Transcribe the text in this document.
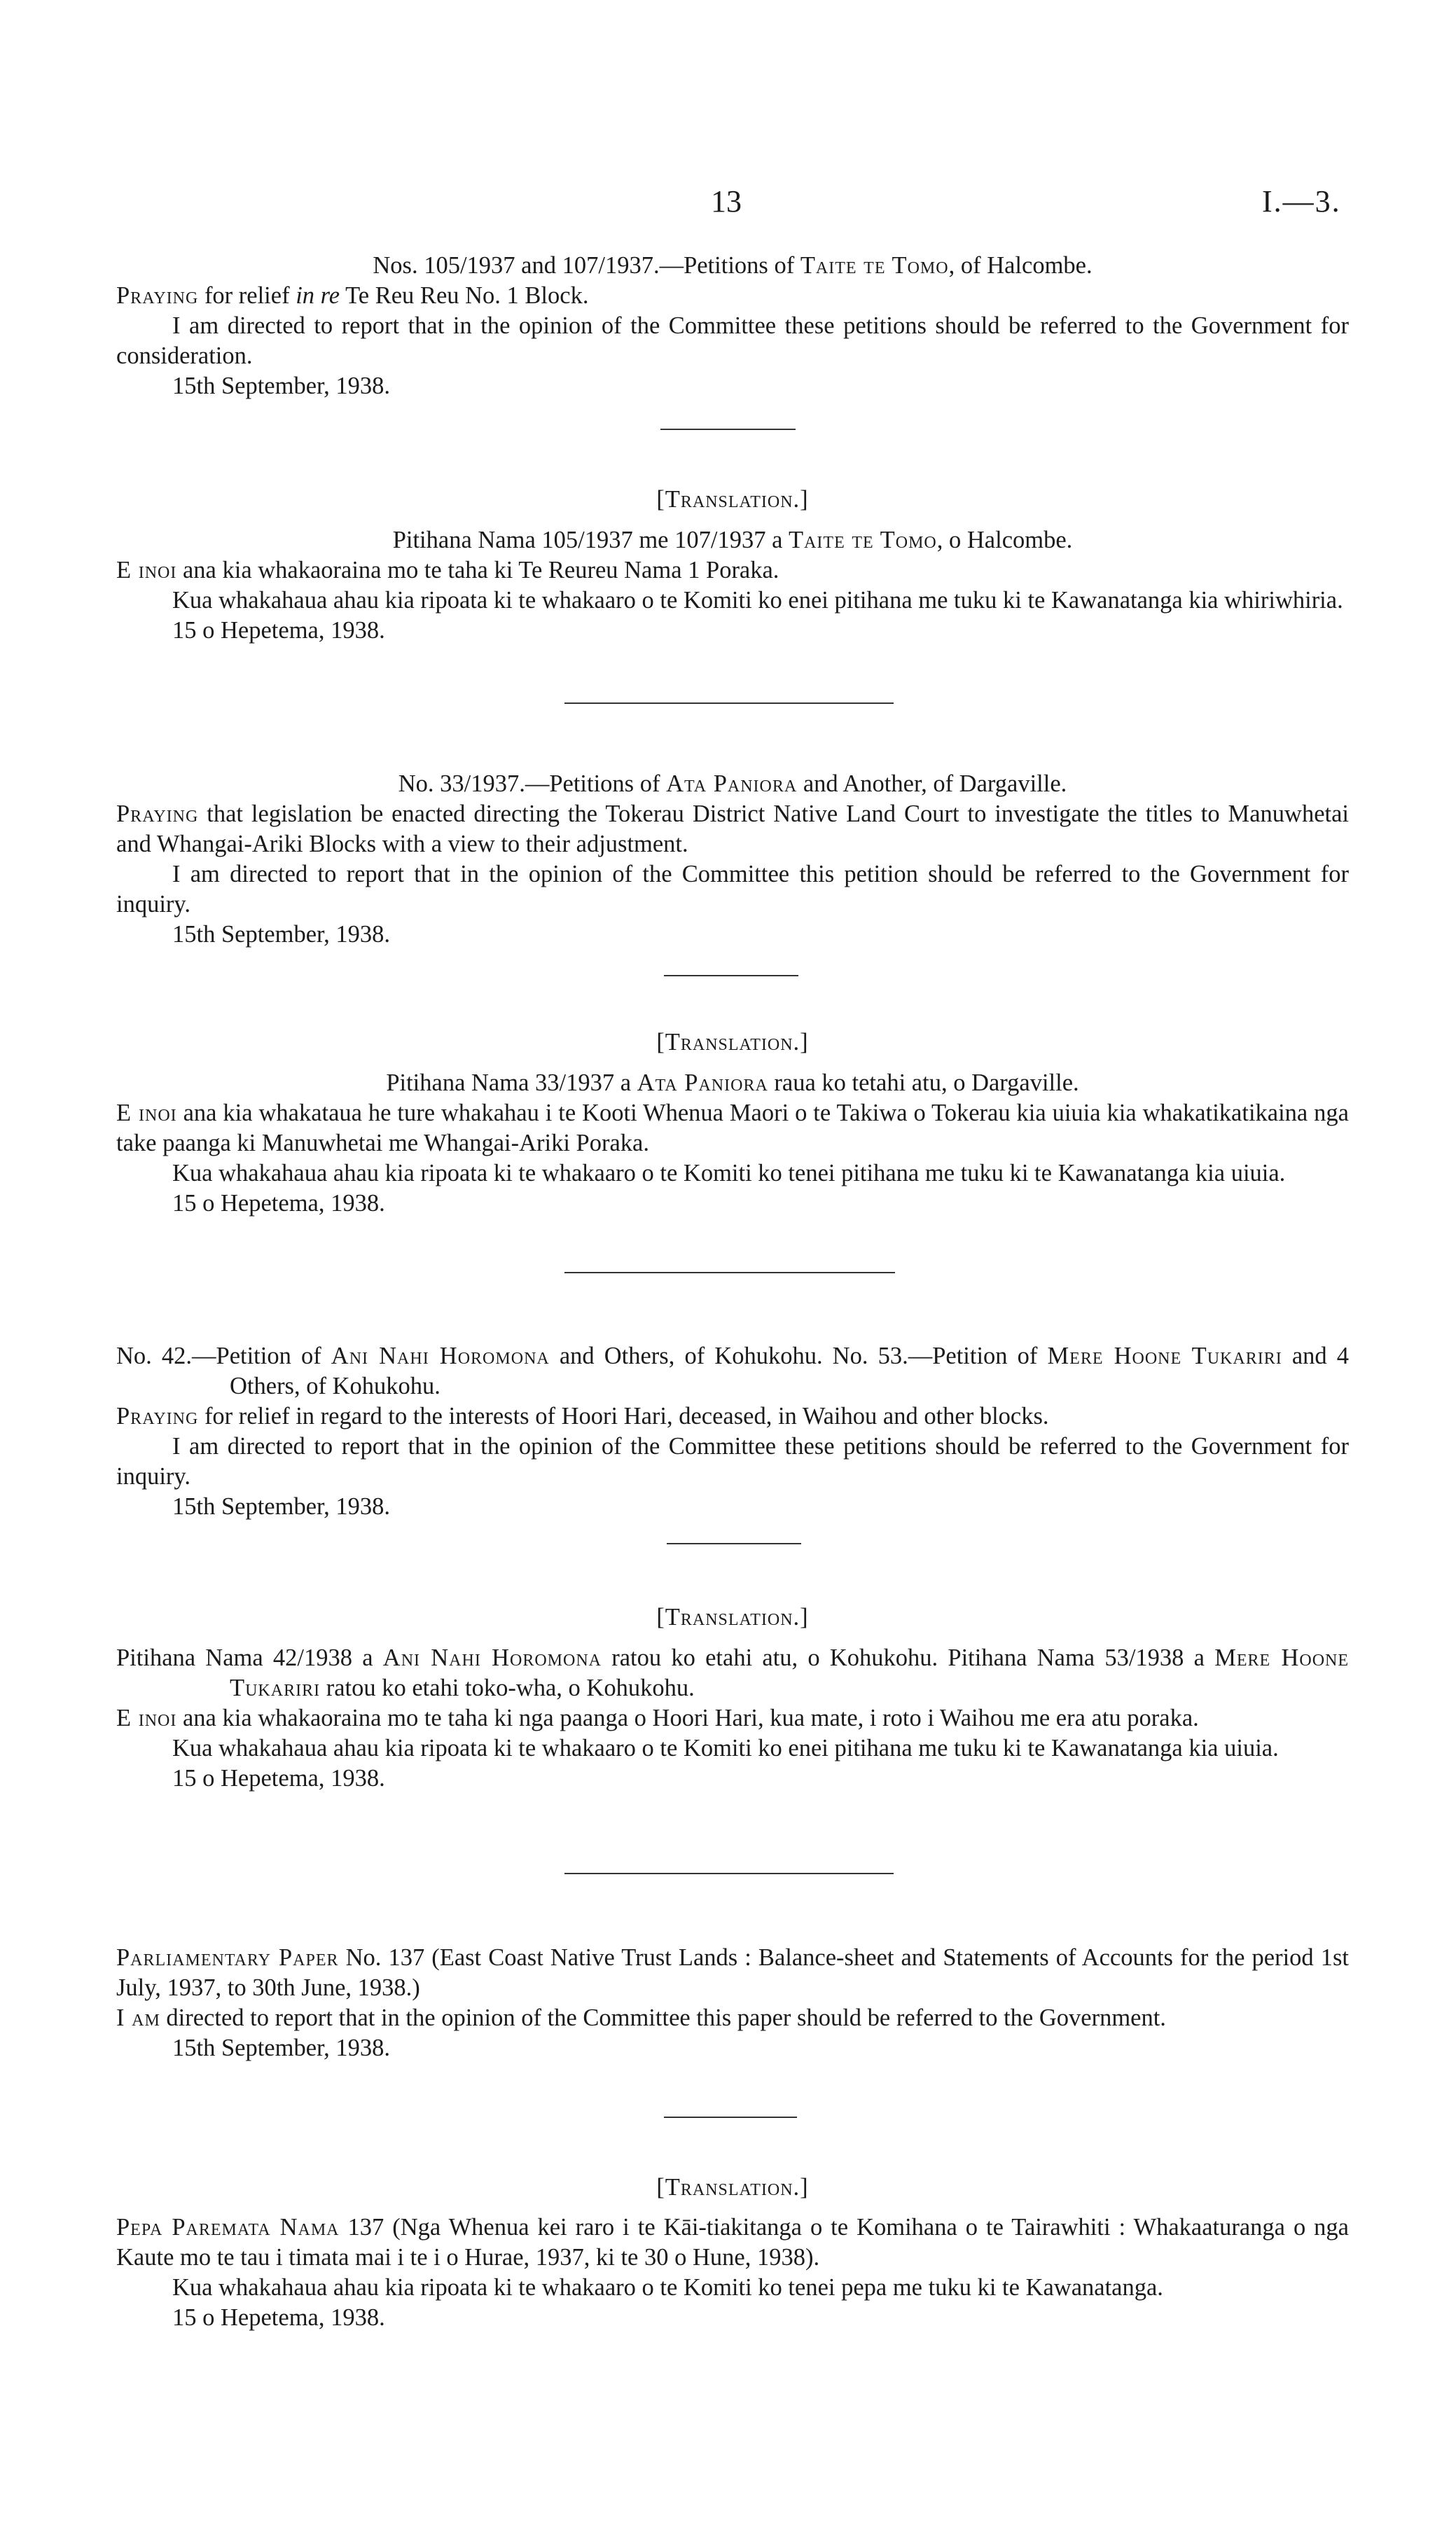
13	I.—3.

Nos. 105/1937 and 107/1937.—Petitions of Taite te Tomo, of Halcombe.

Praying for relief in re Te Reu Reu No. 1 Block.

I am directed to report that in the opinion of the Committee these petitions should be referred to the Government for consideration.

15th September, 1938.

[Translation.]

Pitihana Nama 105/1937 me 107/1937 a Taite te Tomo, o Halcombe.

E inoi ana kia whakaoraina mo te taha ki Te Reureu Nama 1 Poraka.

Kua whakahaua ahau kia ripoata ki te whakaaro o te Komiti ko enei pitihana me tuku ki te Kawanatanga kia whiriwhiria.

15 o Hepetema, 1938.

No. 33/1937.—Petitions of Ata Paniora and Another, of Dargaville.

Praying that legislation be enacted directing the Tokerau District Native Land Court to investigate the titles to Manuwhetai and Whangai-Ariki Blocks with a view to their adjustment.

I am directed to report that in the opinion of the Committee this petition should be referred to the Government for inquiry.

15th September, 1938.

[Translation.]

Pitihana Nama 33/1937 a Ata Paniora raua ko tetahi atu, o Dargaville.

E inoi ana kia whakataua he ture whakahau i te Kooti Whenua Maori o te Takiwa o Tokerau kia uiuia kia whakatikatikaina nga take paanga ki Manuwhetai me Whangai-Ariki Poraka.

Kua whakahaua ahau kia ripoata ki te whakaaro o te Komiti ko tenei pitihana me tuku ki te Kawanatanga kia uiuia.

15 o Hepetema, 1938.

No. 42.—Petition of Ani Nahi Horomona and Others, of Kohukohu. No. 53.—Petition of Mere Hoone Tukariri and 4 Others, of Kohukohu.

Praying for relief in regard to the interests of Hoori Hari, deceased, in Waihou and other blocks.

I am directed to report that in the opinion of the Committee these petitions should be referred to the Government for inquiry.

15th September, 1938.

[Translation.]

Pitihana Nama 42/1938 a Ani Nahi Horomona ratou ko etahi atu, o Kohukohu. Pitihana Nama 53/1938 a Mere Hoone Tukariri ratou ko etahi toko-wha, o Kohukohu.

E inoi ana kia whakaoraina mo te taha ki nga paanga o Hoori Hari, kua mate, i roto i Waihou me era atu poraka.

Kua whakahaua ahau kia ripoata ki te whakaaro o te Komiti ko enei pitihana me tuku ki te Kawanatanga kia uiuia.

15 o Hepetema, 1938.

Parliamentary Paper No. 137 (East Coast Native Trust Lands : Balance-sheet and Statements of Accounts for the period 1st July, 1937, to 30th June, 1938.)

I am directed to report that in the opinion of the Committee this paper should be referred to the Government.

15th September, 1938.

[Translation.]

Pepa Paremata Nama 137 (Nga Whenua kei raro i te Kāi-tiakitanga o te Komihana o te Tairawhiti : Whakaaturanga o nga Kaute mo te tau i timata mai i te i o Hurae, 1937, ki te 30 o Hune, 1938).

Kua whakahaua ahau kia ripoata ki te whakaaro o te Komiti ko tenei pepa me tuku ki te Kawanatanga.

15 o Hepetema, 1938.
